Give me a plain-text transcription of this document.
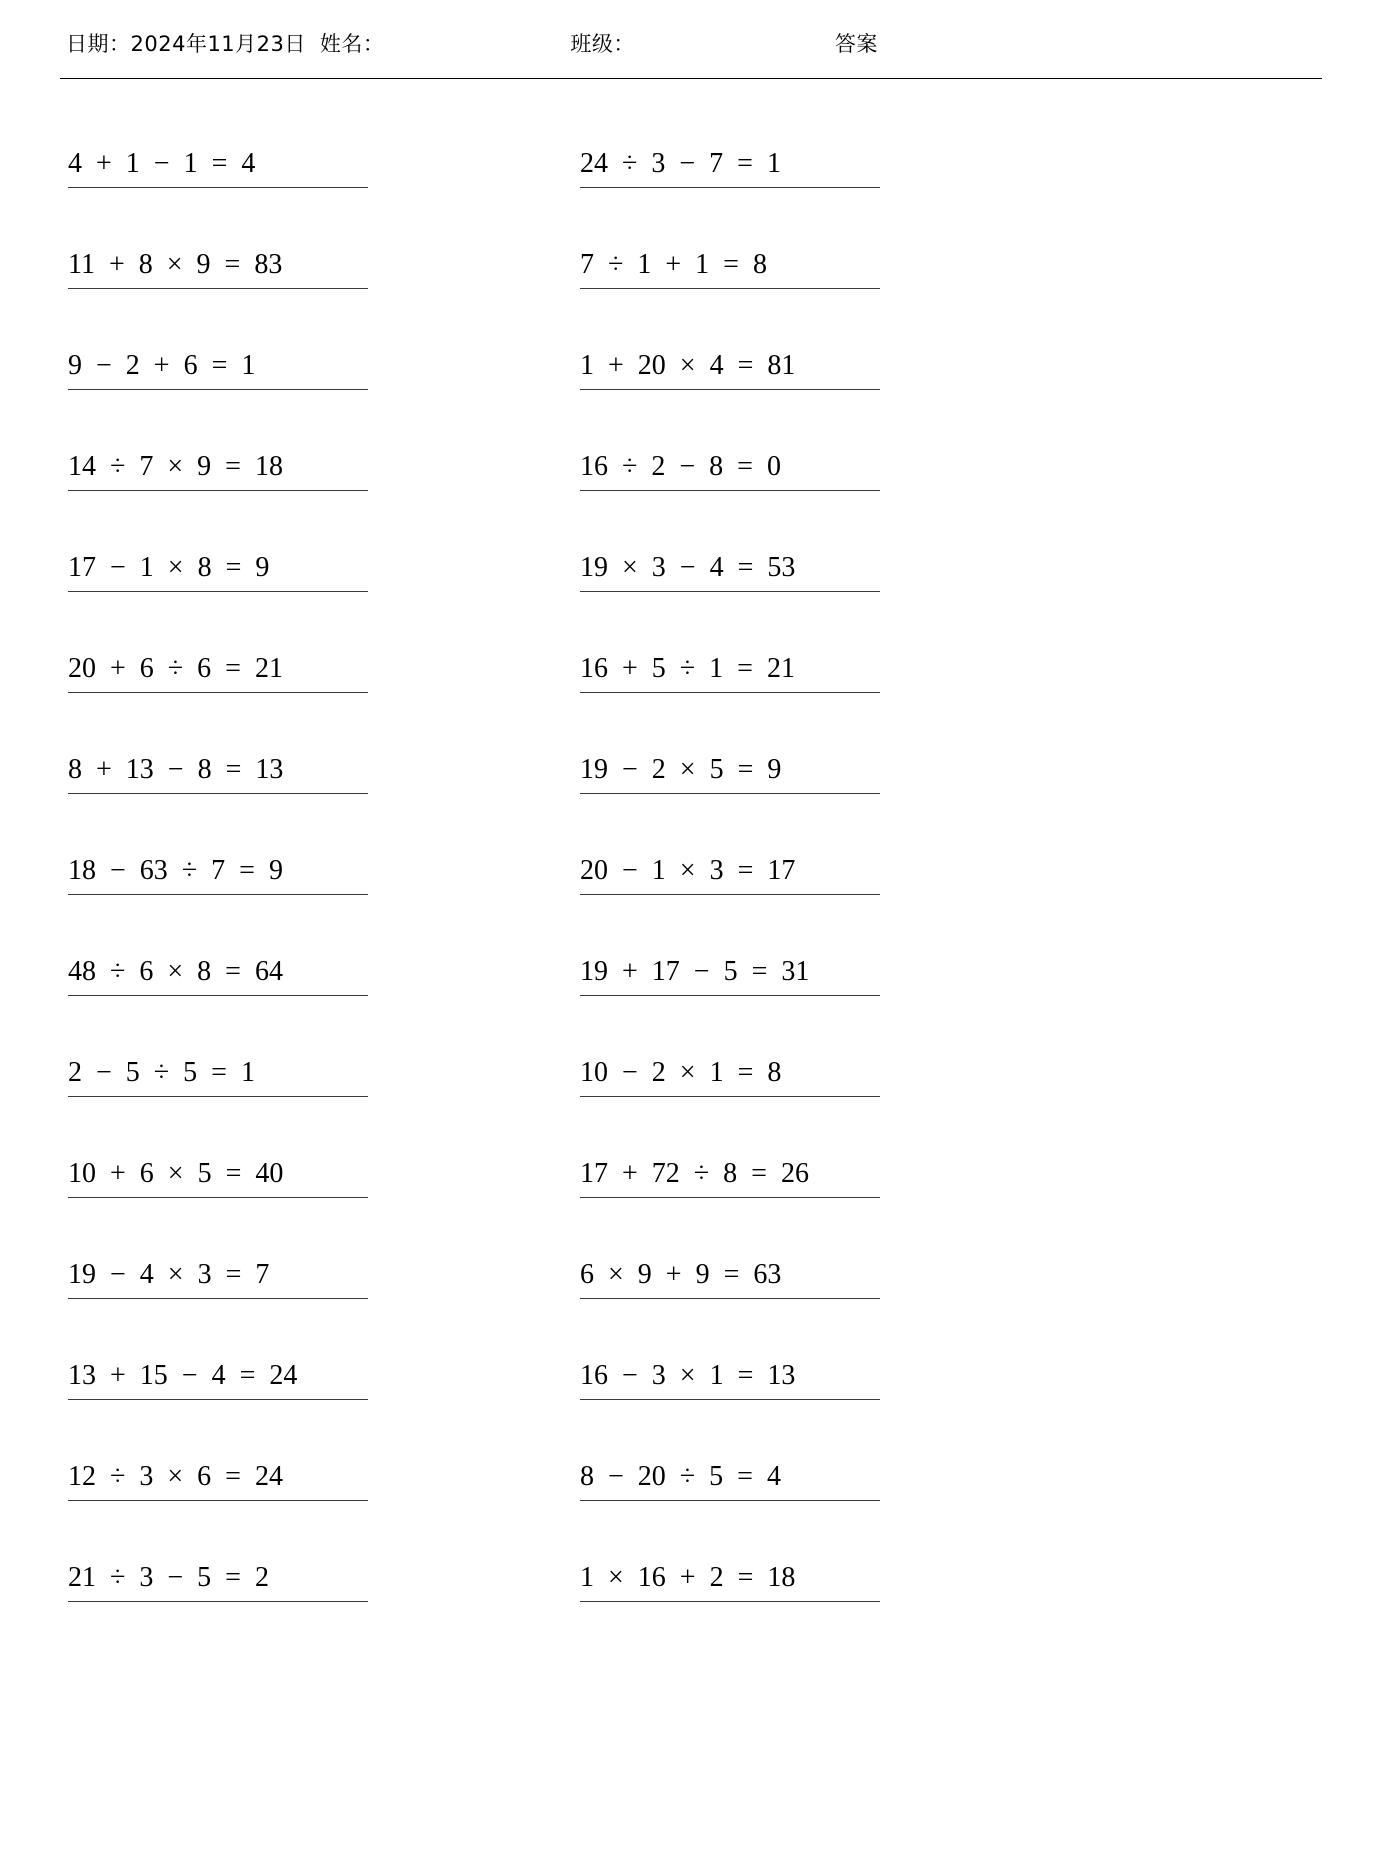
日期：2024年11月23日 姓名：	班级：	答案
4  +  1  −  1  =  4	24  ÷  3  −  7  =  1
11  +  8  ×  9  =  83	7  ÷  1  +  1  =  8
9  −  2  +  6  =  1	1  +  20  ×  4  =  81
14  ÷  7  ×  9  =  18	16  ÷  2  −  8  =  0
17  −  1  ×  8  =  9	19  ×  3  −  4  =  53
20  +  6  ÷  6  =  21	16  +  5  ÷  1  =  21
8  +  13  −  8  =  13	19  −  2  ×  5  =  9
18  −  63  ÷  7  =  9	20  −  1  ×  3  =  17
48  ÷  6  ×  8  =  64	19  +  17  −  5  =  31
2  −  5  ÷  5  =  1	10  −  2  ×  1  =  8
10  +  6  ×  5  =  40	17  +  72  ÷  8  =  26
19  −  4  ×  3  =  7	6  ×  9  +  9  =  63
13  +  15  −  4  =  24	16  −  3  ×  1  =  13
12  ÷  3  ×  6  =  24	8  −  20  ÷  5  =  4
21  ÷  3  −  5  =  2	1  ×  16  +  2  =  18
